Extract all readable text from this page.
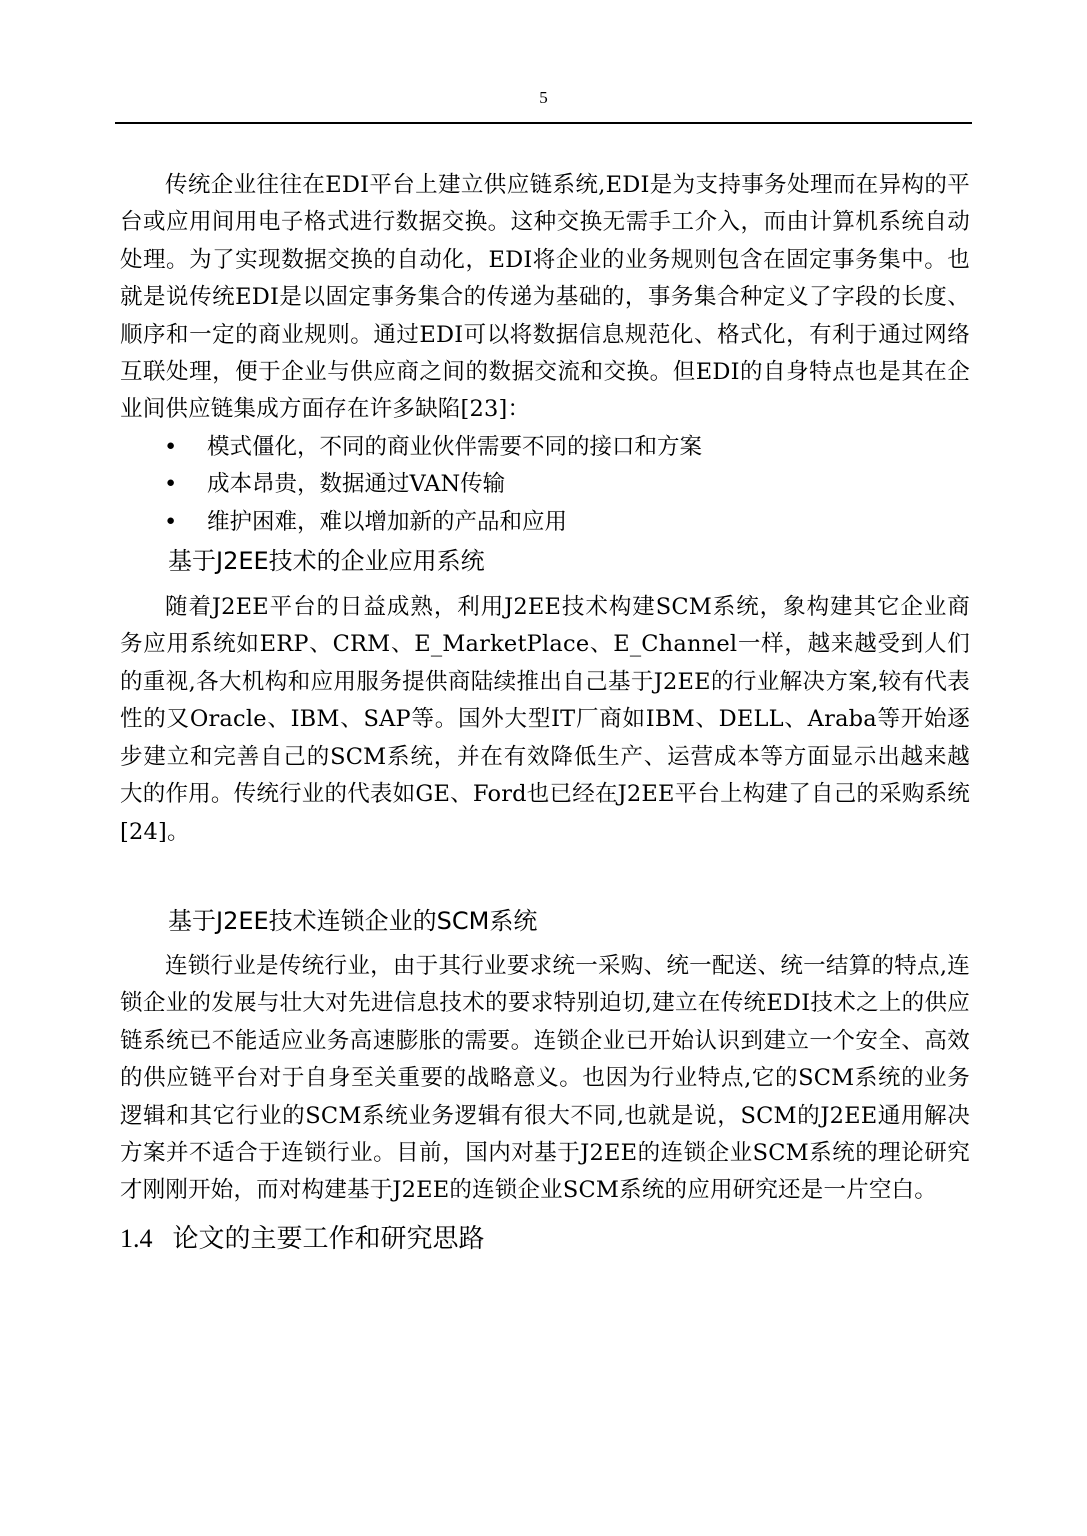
5

传统企业往往在EDI平台上建立供应链系统,EDI是为支持事务处理而在异构的平台或应用间用电子格式进行数据交换。这种交换无需手工介入，而由计算机系统自动处理。为了实现数据交换的自动化，EDI将企业的业务规则包含在固定事务集中。也就是说传统EDI是以固定事务集合的传递为基础的，事务集合种定义了字段的长度、顺序和一定的商业规则。通过EDI可以将数据信息规范化、格式化，有利于通过网络互联处理，便于企业与供应商之间的数据交流和交换。但EDI的自身特点也是其在企业间供应链集成方面存在许多缺陷[23]：

• 模式僵化，不同的商业伙伴需要不同的接口和方案
• 成本昂贵，数据通过VAN传输
• 维护困难，难以增加新的产品和应用
基于J2EE技术的企业应用系统

随着J2EE平台的日益成熟，利用J2EE技术构建SCM系统，象构建其它企业商务应用系统如ERP、CRM、E_MarketPlace、E_Channel一样，越来越受到人们的重视,各大机构和应用服务提供商陆续推出自己基于J2EE的行业解决方案,较有代表性的又Oracle、IBM、SAP等。国外大型IT厂商如IBM、DELL、Araba等开始逐步建立和完善自己的SCM系统，并在有效降低生产、运营成本等方面显示出越来越大的作用。传统行业的代表如GE、Ford也已经在J2EE平台上构建了自己的采购系统[24]。

基于J2EE技术连锁企业的SCM系统

连锁行业是传统行业，由于其行业要求统一采购、统一配送、统一结算的特点,连锁企业的发展与壮大对先进信息技术的要求特别迫切,建立在传统EDI技术之上的供应链系统已不能适应业务高速膨胀的需要。连锁企业已开始认识到建立一个安全、高效的供应链平台对于自身至关重要的战略意义。也因为行业特点,它的SCM系统的业务逻辑和其它行业的SCM系统业务逻辑有很大不同,也就是说，SCM的J2EE通用解决方案并不适合于连锁行业。目前，国内对基于J2EE的连锁企业SCM系统的理论研究才刚刚开始，而对构建基于J2EE的连锁企业SCM系统的应用研究还是一片空白。

1.4 论文的主要工作和研究思路
